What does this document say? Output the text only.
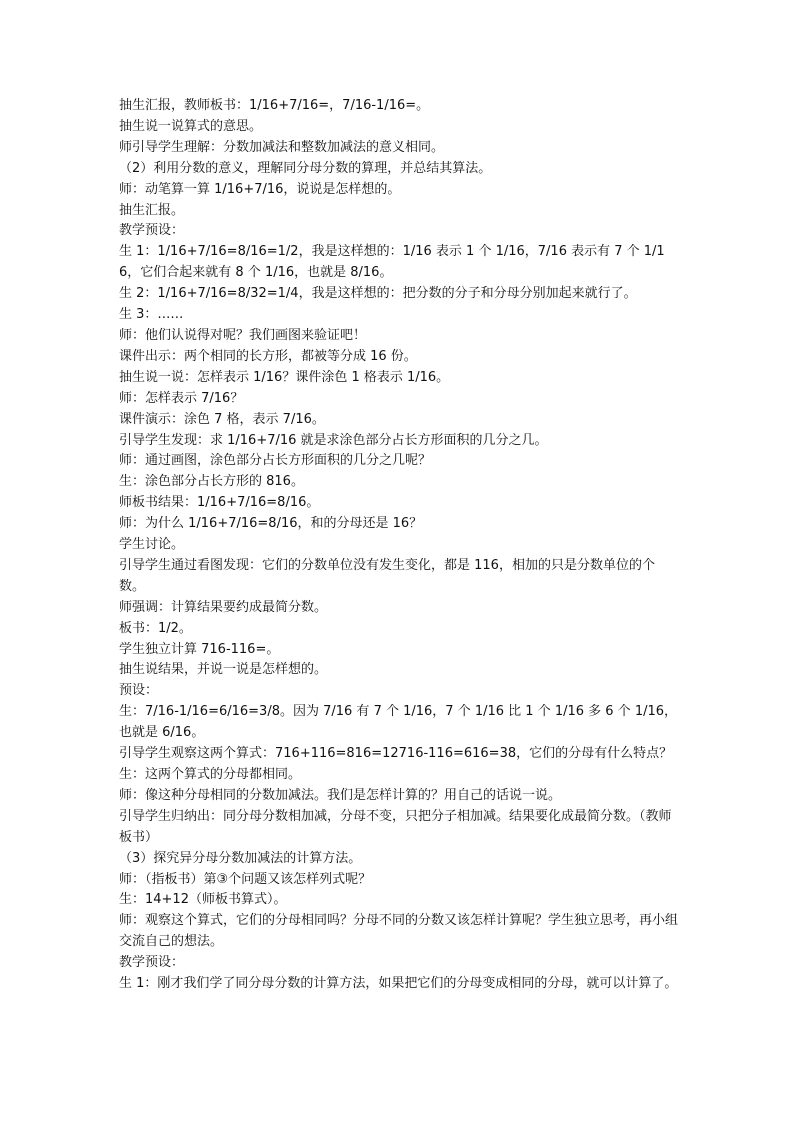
抽生汇报，教师板书：1/16+7/16=，7/16-1/16=。

抽生说一说算式的意思。

师引导学生理解：分数加减法和整数加减法的意义相同。

（2）利用分数的意义，理解同分母分数的算理，并总结其算法。

师：动笔算一算 1/16+7/16，说说是怎样想的。

抽生汇报。

教学预设：

生 1：1/16+7/16=8/16=1/2，我是这样想的：1/16 表示 1 个 1/16，7/16 表示有 7 个 1/16，它们合起来就有 8 个 1/16，也就是 8/16。

生 2：1/16+7/16=8/32=1/4，我是这样想的：把分数的分子和分母分别加起来就行了。

生 3：……

师：他们认说得对呢？我们画图来验证吧！

课件出示：两个相同的长方形，都被等分成 16 份。

抽生说一说：怎样表示 1/16？课件涂色 1 格表示 1/16。

师：怎样表示 7/16？

课件演示：涂色 7 格，表示 7/16。

引导学生发现：求 1/16+7/16 就是求涂色部分占长方形面积的几分之几。

师：通过画图，涂色部分占长方形面积的几分之几呢？

生：涂色部分占长方形的 816。

师板书结果：1/16+7/16=8/16。

师：为什么 1/16+7/16=8/16，和的分母还是 16？

学生讨论。

引导学生通过看图发现：它们的分数单位没有发生变化，都是 116，相加的只是分数单位的个数。

师强调：计算结果要约成最简分数。

板书：1/2。

学生独立计算 716-116=。

抽生说结果，并说一说是怎样想的。

预设：

生：7/16-1/16=6/16=3/8。因为 7/16 有 7 个 1/16，7 个 1/16 比 1 个 1/16 多 6 个 1/16，也就是 6/16。

引导学生观察这两个算式：716+116=816=12716-116=616=38，它们的分母有什么特点？

生：这两个算式的分母都相同。

师：像这种分母相同的分数加减法。我们是怎样计算的？用自己的话说一说。

引导学生归纳出：同分母分数相加减，分母不变，只把分子相加减。结果要化成最简分数。（教师板书）

（3）探究异分母分数加减法的计算方法。

师：（指板书）第③个问题又该怎样列式呢？

生：14+12（师板书算式）。

师：观察这个算式，它们的分母相同吗？分母不同的分数又该怎样计算呢？学生独立思考，再小组交流自己的想法。

教学预设：

生 1：刚才我们学了同分母分数的计算方法，如果把它们的分母变成相同的分母，就可以计算了。
